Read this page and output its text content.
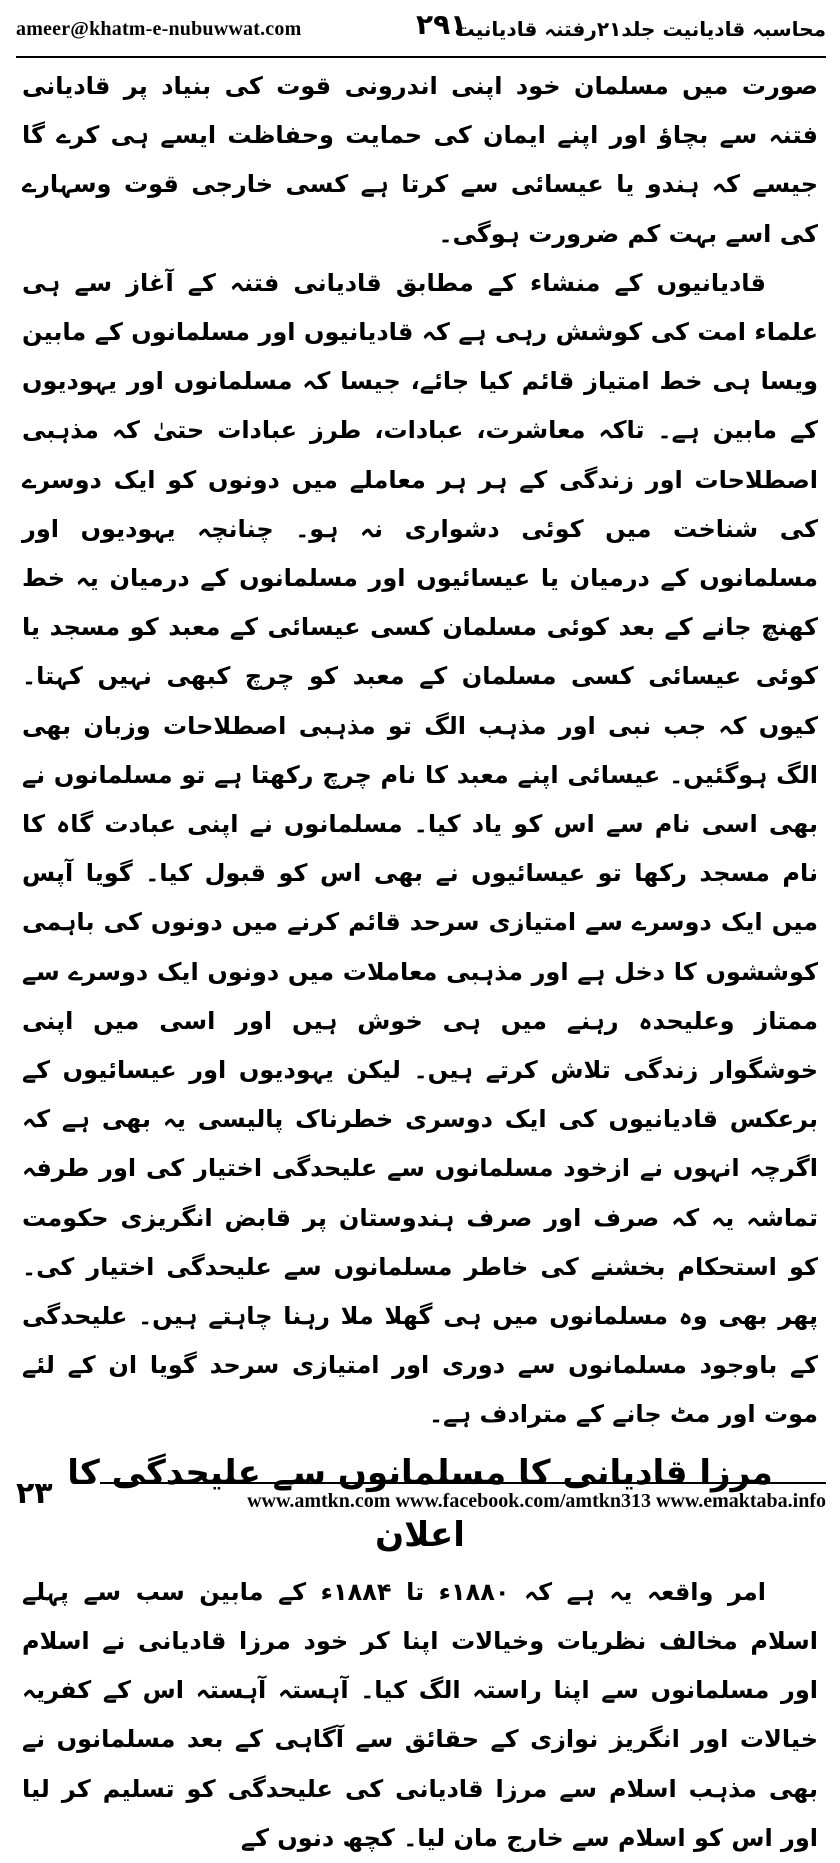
ameer@khatm-e-nubuwwat.com	۲۹۱
محاسبہ قادیانیت جلد۲۱رفتنہ قادیانیت

صورت میں مسلمان خود اپنی اندرونی قوت کی بنیاد پر قادیانی فتنہ سے بچاؤ اور اپنے ایمان کی حمایت وحفاظت ایسے ہی کرے گا جیسے کہ ہندو یا عیسائی سے کرتا ہے کسی خارجی قوت وسہارے کی اسے بہت کم ضرورت ہوگی۔

قادیانیوں کے منشاء کے مطابق قادیانی فتنہ کے آغاز سے ہی علماء امت کی کوشش رہی ہے کہ قادیانیوں اور مسلمانوں کے مابین ویسا ہی خط امتیاز قائم کیا جائے، جیسا کہ مسلمانوں اور یہودیوں کے مابین ہے۔ تاکہ معاشرت، عبادات، طرز عبادات حتیٰ کہ مذہبی اصطلاحات اور زندگی کے ہر ہر معاملے میں دونوں کو ایک دوسرے کی شناخت میں کوئی دشواری نہ ہو۔ چنانچہ یہودیوں اور مسلمانوں کے درمیان یا عیسائیوں اور مسلمانوں کے درمیان یہ خط کھنچ جانے کے بعد کوئی مسلمان کسی عیسائی کے معبد کو مسجد یا کوئی عیسائی کسی مسلمان کے معبد کو چرچ کبھی نہیں کہتا۔ کیوں کہ جب نبی اور مذہب الگ تو مذہبی اصطلاحات وزبان بھی الگ ہوگئیں۔ عیسائی اپنے معبد کا نام چرچ رکھتا ہے تو مسلمانوں نے بھی اسی نام سے اس کو یاد کیا۔ مسلمانوں نے اپنی عبادت گاہ کا نام مسجد رکھا تو عیسائیوں نے بھی اس کو قبول کیا۔ گویا آپس میں ایک دوسرے سے امتیازی سرحد قائم کرنے میں دونوں کی باہمی کوششوں کا دخل ہے اور مذہبی معاملات میں دونوں ایک دوسرے سے ممتاز وعلیحدہ رہنے میں ہی خوش ہیں اور اسی میں اپنی خوشگوار زندگی تلاش کرتے ہیں۔ لیکن یہودیوں اور عیسائیوں کے برعکس قادیانیوں کی ایک دوسری خطرناک پالیسی یہ بھی ہے کہ اگرچہ انہوں نے ازخود مسلمانوں سے علیحدگی اختیار کی اور طرفہ تماشہ یہ کہ صرف اور صرف ہندوستان پر قابض انگریزی حکومت کو استحکام بخشنے کی خاطر مسلمانوں سے علیحدگی اختیار کی۔ پھر بھی وہ مسلمانوں میں ہی گھلا ملا رہنا چاہتے ہیں۔ علیحدگی کے باوجود مسلمانوں سے دوری اور امتیازی سرحد گویا ان کے لئے موت اور مٹ جانے کے مترادف ہے۔

مرزا قادیانی کا مسلمانوں سے علیحدگی کا اعلان

امر واقعہ یہ ہے کہ ۱۸۸۰ء تا ۱۸۸۴ء کے مابین سب سے پہلے اسلام مخالف نظریات وخیالات اپنا کر خود مرزا قادیانی نے اسلام اور مسلمانوں سے اپنا راستہ الگ کیا۔ آہستہ آہستہ اس کے کفریہ خیالات اور انگریز نوازی کے حقائق سے آگاہی کے بعد مسلمانوں نے بھی مذہب اسلام سے مرزا قادیانی کی علیحدگی کو تسلیم کر لیا اور اس کو اسلام سے خارج مان لیا۔ کچھ دنوں کے

۲۳	www.amtkn.com www.facebook.com/amtkn313 www.emaktaba.info
